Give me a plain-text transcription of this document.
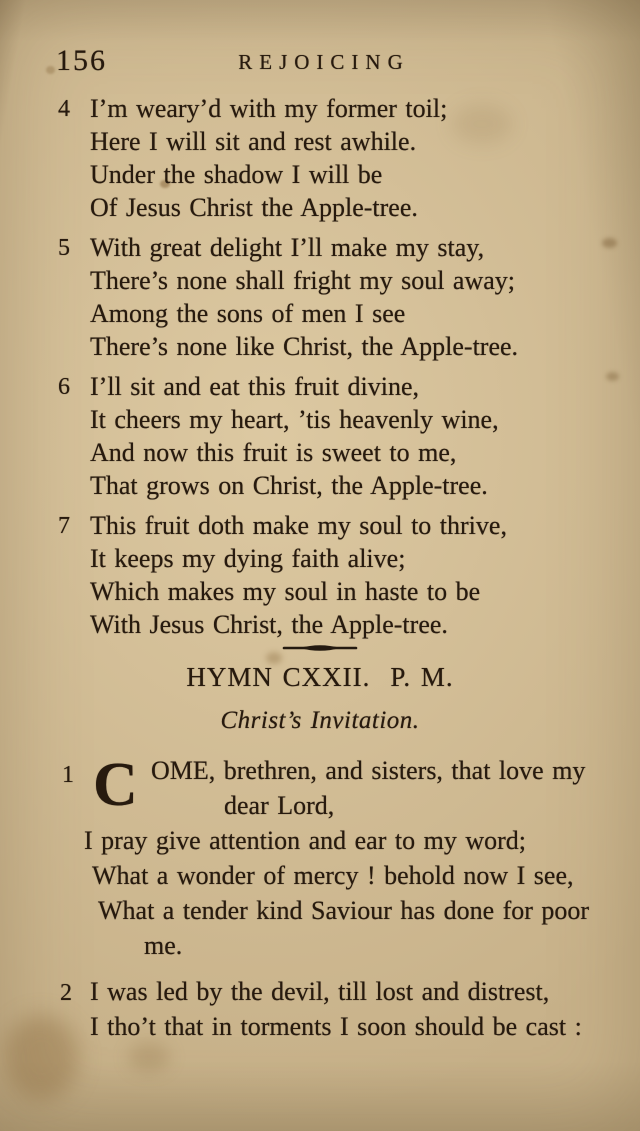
156	REJOICING
4 I’m weary’d with my former toil;
Here I will sit and rest awhile.
Under the shadow I will be
Of Jesus Christ the Apple-tree.
5 With great delight I’ll make my stay,
There’s none shall fright my soul away;
Among the sons of men I see
There’s none like Christ, the Apple-tree.
6 I’ll sit and eat this fruit divine,
It cheers my heart, ’tis heavenly wine,
And now this fruit is sweet to me,
That grows on Christ, the Apple-tree.
7 This fruit doth make my soul to thrive,
It keeps my dying faith alive;
Which makes my soul in haste to be
With Jesus Christ, the Apple-tree.
HYMN CXXII. P. M.
Christ’s Invitation.
1 C OME, brethren, and sisters, that love my
dear Lord,
I pray give attention and ear to my word;
What a wonder of mercy ! behold now I see,
What a tender kind Saviour has done for poor
me.
2 I was led by the devil, till lost and distrest,
I tho’t that in torments I soon should be cast :
